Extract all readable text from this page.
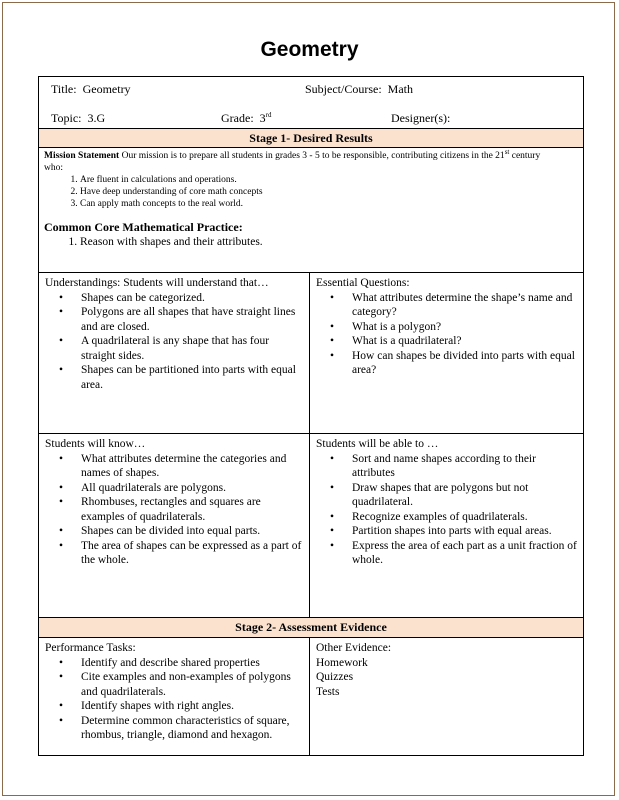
Geometry
Title: Geometry	Subject/Course: Math
Topic: 3.G	Grade: 3rd	Designer(s):
Stage 1- Desired Results
Mission Statement Our mission is to prepare all students in grades 3 - 5 to be responsible, contributing citizens in the 21st century
who:
1. Are fluent in calculations and operations.
2. Have deep understanding of core math concepts
3. Can apply math concepts to the real world.
Common Core Mathematical Practice:
1. Reason with shapes and their attributes.
Understandings: Students will understand that…
• Shapes can be categorized.
• Polygons are all shapes that have straight lines and are closed.
• A quadrilateral is any shape that has four straight sides.
• Shapes can be partitioned into parts with equal area.
Essential Questions:
• What attributes determine the shape’s name and category?
• What is a polygon?
• What is a quadrilateral?
• How can shapes be divided into parts with equal area?
Students will know…
• What attributes determine the categories and names of shapes.
• All quadrilaterals are polygons.
• Rhombuses, rectangles and squares are examples of quadrilaterals.
• Shapes can be divided into equal parts.
• The area of shapes can be expressed as a part of the whole.
Students will be able to …
• Sort and name shapes according to their attributes
• Draw shapes that are polygons but not quadrilateral.
• Recognize examples of quadrilaterals.
• Partition shapes into parts with equal areas.
• Express the area of each part as a unit fraction of whole.
Stage 2- Assessment Evidence
Performance Tasks:
• Identify and describe shared properties
• Cite examples and non-examples of polygons and quadrilaterals.
• Identify shapes with right angles.
• Determine common characteristics of square, rhombus, triangle, diamond and hexagon.
Other Evidence:
Homework
Quizzes
Tests
